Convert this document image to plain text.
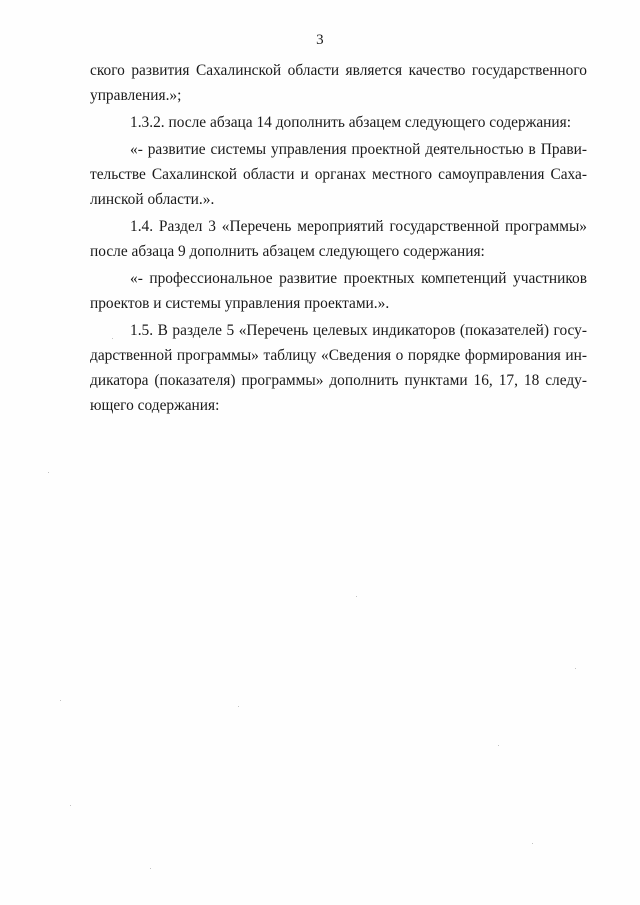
3
ского развития Сахалинской области является качество государственного
управления.»;
1.3.2. после абзаца 14 дополнить абзацем следующего содержания:
«- развитие системы управления проектной деятельностью в Прави-
тельстве Сахалинской области и органах местного самоуправления Саха-
линской области.».
1.4. Раздел 3 «Перечень мероприятий государственной программы»
после абзаца 9 дополнить абзацем следующего содержания:
«- профессиональное развитие проектных компетенций участников
проектов и системы управления проектами.».
1.5. В разделе 5 «Перечень целевых индикаторов (показателей) госу-
дарственной программы» таблицу «Сведения о порядке формирования ин-
дикатора (показателя) программы» дополнить пунктами 16, 17, 18 следу-
ющего содержания:
